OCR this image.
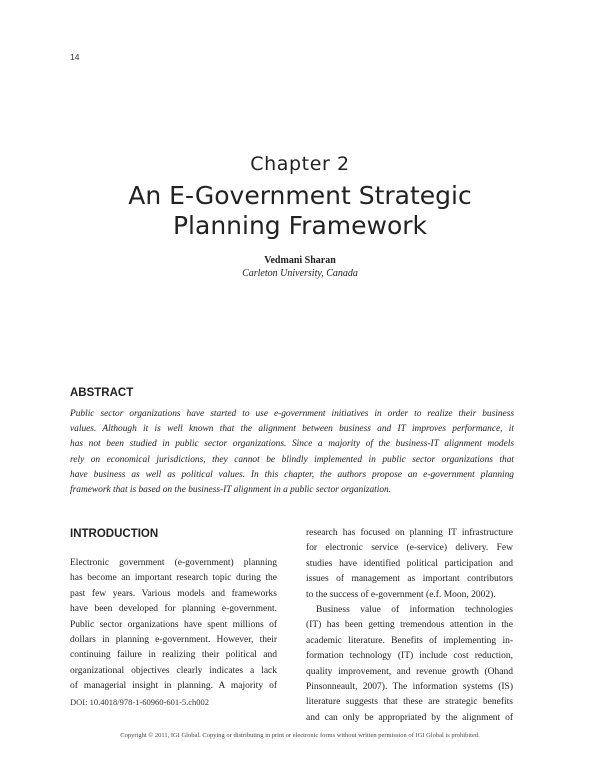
14
Chapter 2
An E-Government Strategic
Planning Framework
Vedmani Sharan
Carleton University, Canada
ABSTRACT
Public sector organizations have started to use e-government initiatives in order to realize their business
values. Although it is well known that the alignment between business and IT improves performance, it
has not been studied in public sector organizations. Since a majority of the business-IT alignment models
rely on economical jurisdictions, they cannot be blindly implemented in public sector organizations that
have business as well as political values. In this chapter, the authors propose an e-government planning
framework that is based on the business-IT alignment in a public sector organization.
INTRODUCTION
Electronic government (e-government) planning
has become an important research topic during the
past few years. Various models and frameworks
have been developed for planning e-government.
Public sector organizations have spent millions of
dollars in planning e-government. However, their
continuing failure in realizing their political and
organizational objectives clearly indicates a lack
of managerial insight in planning. A majority of
research has focused on planning IT infrastructure
for electronic service (e-service) delivery. Few
studies have identified political participation and
issues of management as important contributors
to the success of e-government (e.f. Moon, 2002).
Business value of information technologies
(IT) has been getting tremendous attention in the
academic literature. Benefits of implementing in-
formation technology (IT) include cost reduction,
quality improvement, and revenue growth (Ohand
Pinsonneault, 2007). The information systems (IS)
literature suggests that these are strategic benefits
and can only be appropriated by the alignment of
DOI: 10.4018/978-1-60960-601-5.ch002
Copyright © 2011, IGI Global. Copying or distributing in print or electronic forms without written permission of IGI Global is prohibited.
